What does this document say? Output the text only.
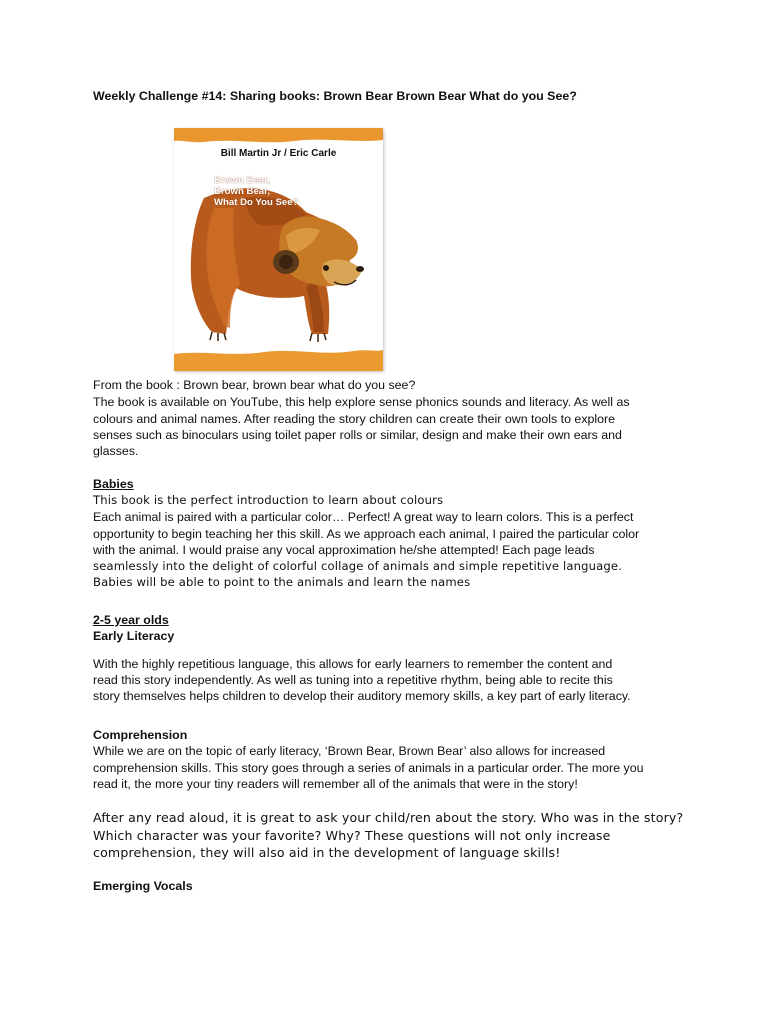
Weekly Challenge #14: Sharing books: Brown Bear Brown Bear What do you See?
From the book : Brown bear, brown bear what do you see?
The book is available on YouTube, this help explore sense phonics sounds and literacy. As well as
colours and animal names. After reading the story children can create their own tools to explore
senses such as binoculars using toilet paper rolls or similar, design and make their own ears and
glasses.
Babies
This book is the perfect introduction to learn about colours
Each animal is paired with a particular color… Perfect! A great way to learn colors. This is a perfect
opportunity to begin teaching her this skill. As we approach each animal, I paired the particular color
with the animal. I would praise any vocal approximation he/she attempted! Each page leads
seamlessly into the delight of colorful collage of animals and simple repetitive language.
Babies will be able to point to the animals and learn the names
2-5 year olds
Early Literacy
With the highly repetitious language, this allows for early learners to remember the content and
read this story independently. As well as tuning into a repetitive rhythm, being able to recite this
story themselves helps children to develop their auditory memory skills, a key part of early literacy.
Comprehension
While we are on the topic of early literacy, ‘Brown Bear, Brown Bear’ also allows for increased
comprehension skills. This story goes through a series of animals in a particular order. The more you
read it, the more your tiny readers will remember all of the animals that were in the story!
After any read aloud, it is great to ask your child/ren about the story. Who was in the story?
Which character was your favorite? Why? These questions will not only increase
comprehension, they will also aid in the development of language skills!
Emerging Vocals
Bill Martin Jr / Eric Carle
Brown Bear,
Brown Bear,
What Do You See?
